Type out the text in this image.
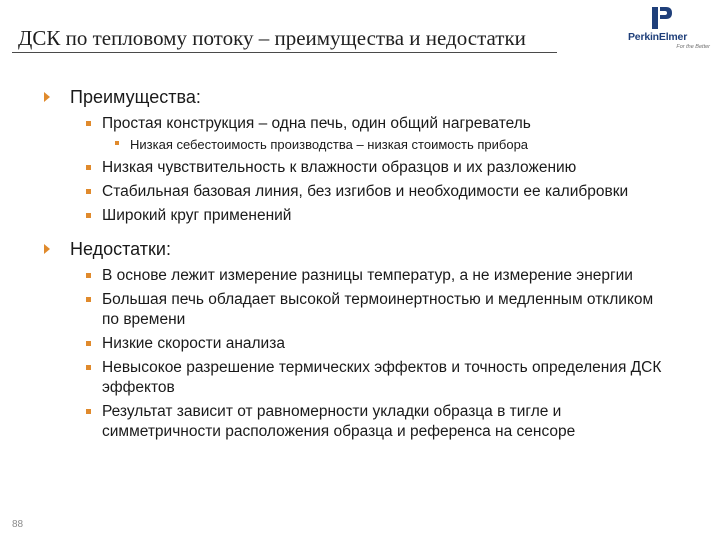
ДСК по тепловому потоку – преимущества и недостатки	PerkinElmer
For the Better
Преимущества:
Простая конструкция – одна печь, один общий нагреватель
Низкая себестоимость производства – низкая стоимость прибора
Низкая чувствительность к влажности образцов и их разложению
Стабильная базовая линия, без изгибов и необходимости ее калибровки
Широкий круг применений
Недостатки:
В основе лежит измерение разницы температур, а не измерение энергии
Большая печь обладает высокой термоинертностью и медленным откликом по времени
Низкие скорости анализа
Невысокое разрешение термических эффектов и точность определения ДСК эффектов
Результат зависит от равномерности укладки образца в тигле и симметричности расположения образца и референса на сенсоре
88
